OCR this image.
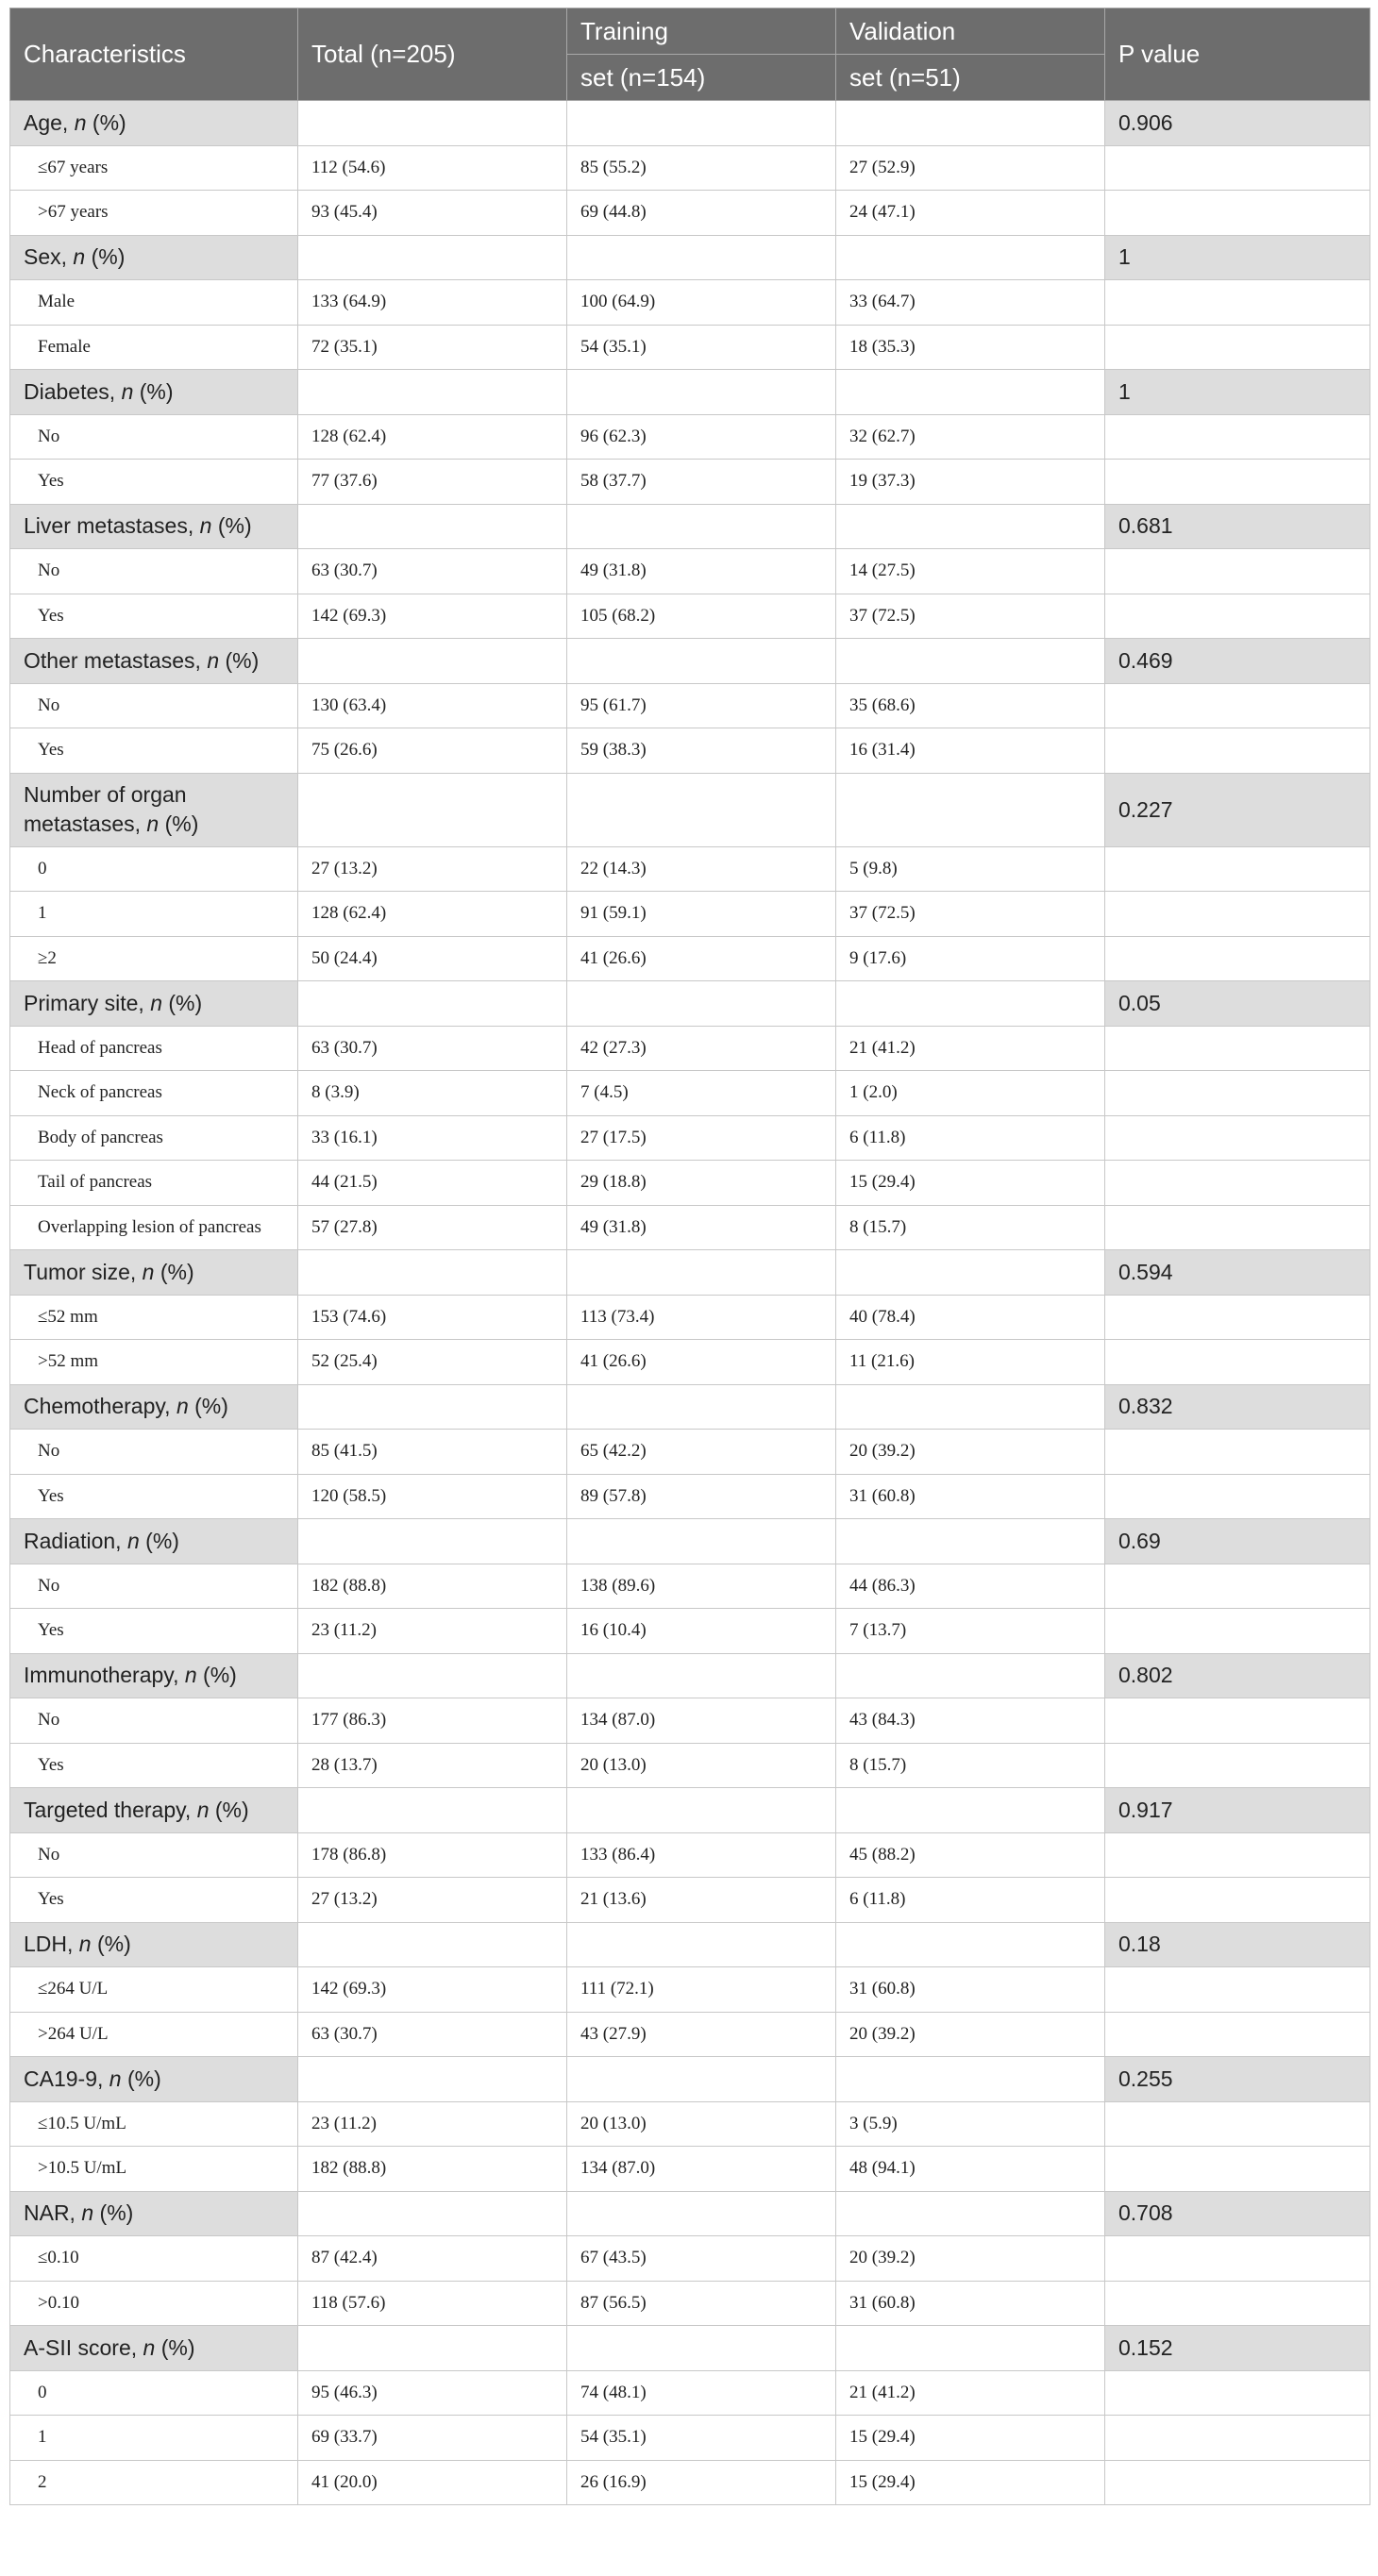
Characteristics	Total (n=205)	Training	Validation	P value
		set (n=154)	set (n=51)	
Age, n (%)				0.906
≤67 years	112 (54.6)	85 (55.2)	27 (52.9)	
>67 years	93 (45.4)	69 (44.8)	24 (47.1)	
Sex, n (%)				1
Male	133 (64.9)	100 (64.9)	33 (64.7)	
Female	72 (35.1)	54 (35.1)	18 (35.3)	
Diabetes, n (%)				1
No	128 (62.4)	96 (62.3)	32 (62.7)	
Yes	77 (37.6)	58 (37.7)	19 (37.3)	
Liver metastases, n (%)				0.681
No	63 (30.7)	49 (31.8)	14 (27.5)	
Yes	142 (69.3)	105 (68.2)	37 (72.5)	
Other metastases, n (%)				0.469
No	130 (63.4)	95 (61.7)	35 (68.6)	
Yes	75 (26.6)	59 (38.3)	16 (31.4)	
Number of organ metastases, n (%)				0.227
0	27 (13.2)	22 (14.3)	5 (9.8)	
1	128 (62.4)	91 (59.1)	37 (72.5)	
≥2	50 (24.4)	41 (26.6)	9 (17.6)	
Primary site, n (%)				0.05
Head of pancreas	63 (30.7)	42 (27.3)	21 (41.2)	
Neck of pancreas	8 (3.9)	7 (4.5)	1 (2.0)	
Body of pancreas	33 (16.1)	27 (17.5)	6 (11.8)	
Tail of pancreas	44 (21.5)	29 (18.8)	15 (29.4)	
Overlapping lesion of pancreas	57 (27.8)	49 (31.8)	8 (15.7)	
Tumor size, n (%)				0.594
≤52 mm	153 (74.6)	113 (73.4)	40 (78.4)	
>52 mm	52 (25.4)	41 (26.6)	11 (21.6)	
Chemotherapy, n (%)				0.832
No	85 (41.5)	65 (42.2)	20 (39.2)	
Yes	120 (58.5)	89 (57.8)	31 (60.8)	
Radiation, n (%)				0.69
No	182 (88.8)	138 (89.6)	44 (86.3)	
Yes	23 (11.2)	16 (10.4)	7 (13.7)	
Immunotherapy, n (%)				0.802
No	177 (86.3)	134 (87.0)	43 (84.3)	
Yes	28 (13.7)	20 (13.0)	8 (15.7)	
Targeted therapy, n (%)				0.917
No	178 (86.8)	133 (86.4)	45 (88.2)	
Yes	27 (13.2)	21 (13.6)	6 (11.8)	
LDH, n (%)				0.18
≤264 U/L	142 (69.3)	111 (72.1)	31 (60.8)	
>264 U/L	63 (30.7)	43 (27.9)	20 (39.2)	
CA19-9, n (%)				0.255
≤10.5 U/mL	23 (11.2)	20 (13.0)	3 (5.9)	
>10.5 U/mL	182 (88.8)	134 (87.0)	48 (94.1)	
NAR, n (%)				0.708
≤0.10	87 (42.4)	67 (43.5)	20 (39.2)	
>0.10	118 (57.6)	87 (56.5)	31 (60.8)	
A-SII score, n (%)				0.152
0	95 (46.3)	74 (48.1)	21 (41.2)	
1	69 (33.7)	54 (35.1)	15 (29.4)	
2	41 (20.0)	26 (16.9)	15 (29.4)	
